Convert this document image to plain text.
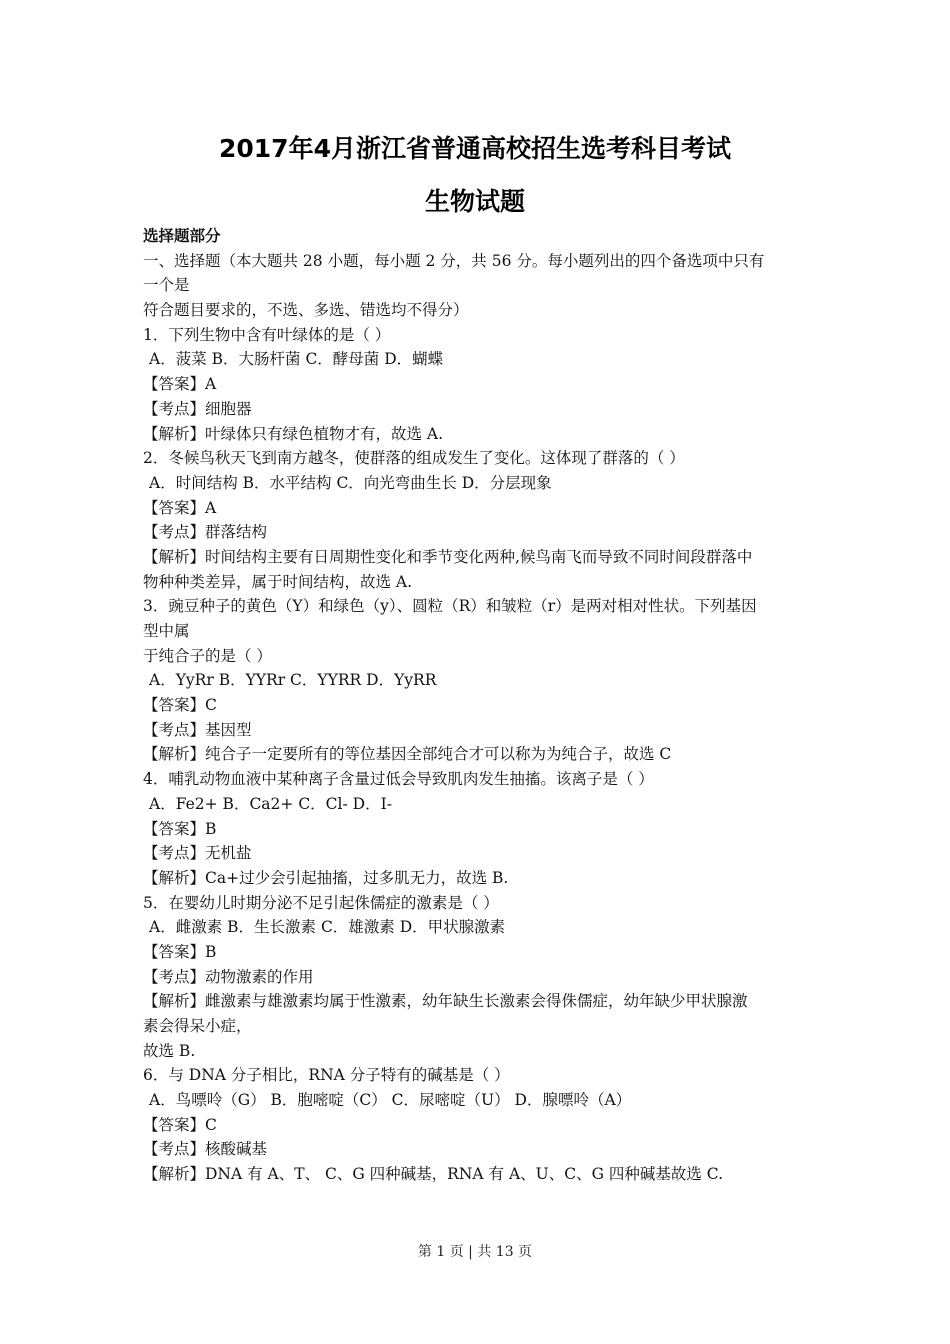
2017年4月浙江省普通高校招生选考科目考试
生物试题
选择题部分
一、选择题（本大题共 28 小题，每小题 2 分，共 56 分。每小题列出的四个备选项中只有
一个是
符合题目要求的，不选、多选、错选均不得分）
1．下列生物中含有叶绿体的是（ ）
A．菠菜 B．大肠杆菌 C．酵母菌 D．蝴蝶
【答案】A
【考点】细胞器
【解析】叶绿体只有绿色植物才有，故选 A.
2．冬候鸟秋天飞到南方越冬，使群落的组成发生了变化。这体现了群落的（ ）
A．时间结构 B．水平结构 C．向光弯曲生长 D．分层现象
【答案】A
【考点】群落结构
【解析】时间结构主要有日周期性变化和季节变化两种,候鸟南飞而导致不同时间段群落中
物种种类差异，属于时间结构，故选 A.
3．豌豆种子的黄色（Y）和绿色（y）、圆粒（R）和皱粒（r）是两对相对性状。下列基因
型中属
于纯合子的是（ ）
A．YyRr B．YYRr C．YYRR D．YyRR
【答案】C
【考点】基因型
【解析】纯合子一定要所有的等位基因全部纯合才可以称为为纯合子，故选 C
4．哺乳动物血液中某种离子含量过低会导致肌肉发生抽搐。该离子是（ ）
A．Fe2+ B．Ca2+ C．Cl- D．I-
【答案】B
【考点】无机盐
【解析】Ca+过少会引起抽搐，过多肌无力，故选 B.
5．在婴幼儿时期分泌不足引起侏儒症的激素是（ ）
A．雌激素 B．生长激素 C．雄激素 D．甲状腺激素
【答案】B
【考点】动物激素的作用
【解析】雌激素与雄激素均属于性激素，幼年缺生长激素会得侏儒症，幼年缺少甲状腺激
素会得呆小症，
故选 B.
6．与 DNA 分子相比，RNA 分子特有的碱基是（ ）
A．鸟嘌呤（G） B．胞嘧啶（C） C．尿嘧啶（U） D．腺嘌呤（A）
【答案】C
【考点】核酸碱基
【解析】DNA 有 A、T、 C、G 四种碱基，RNA 有 A、U、C、G 四种碱基故选 C.
第 1 页 | 共 13 页
